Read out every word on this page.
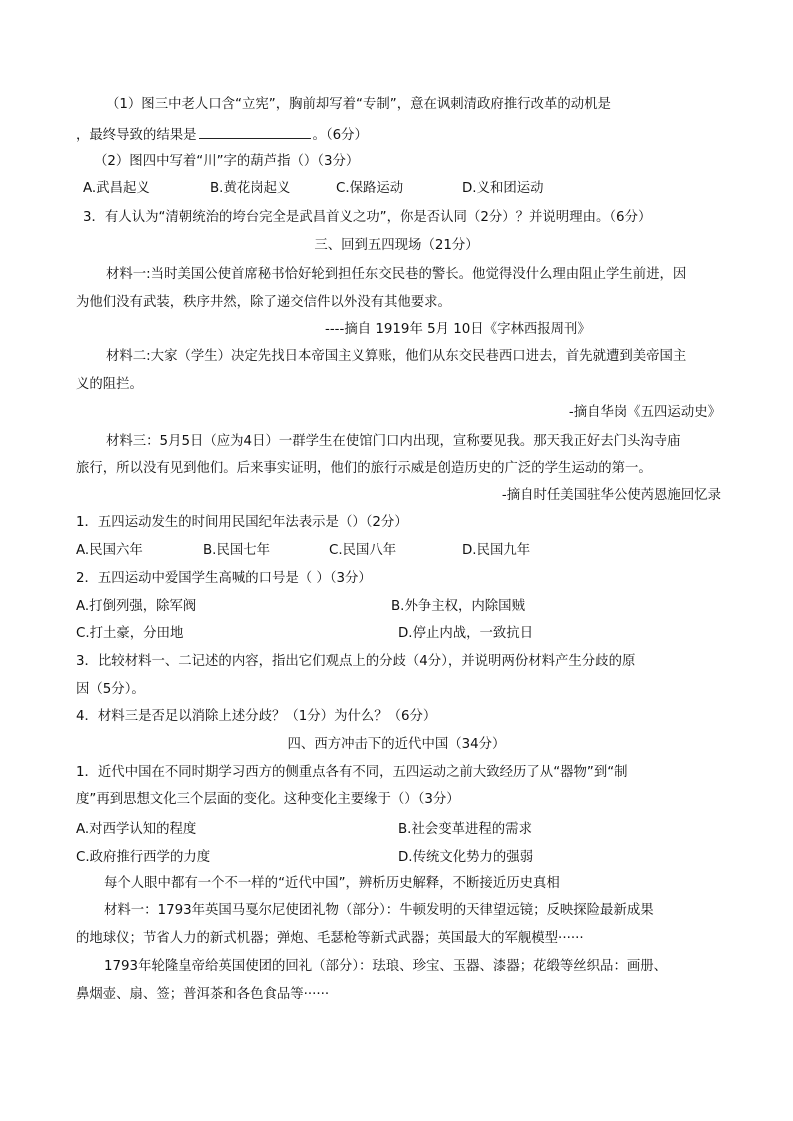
（1）图三中老人口含“立宪”，胸前却写着“专制”，意在讽刺清政府推行改革的动机是
，最终导致的结果是	。（6分）
（2）图四中写着“川”字的葫芦指（）（3分）
A.武昌起义	B.黄花岗起义	C.保路运动	D.义和团运动
3．有人认为“清朝统治的垮台完全是武昌首义之功”，你是否认同（2分）？并说明理由。（6分）
三、回到五四现场（21分）
材料一:当时美国公使首席秘书恰好轮到担任东交民巷的警长。他觉得没什么理由阻止学生前进，因
为他们没有武装，秩序井然，除了递交信件以外没有其他要求。
----摘自 1919年 5月 10日《字林西报周刊》
材料二:大家（学生）决定先找日本帝国主义算账，他们从东交民巷西口进去，首先就遭到美帝国主
义的阻拦。
-摘自华岗《五四运动史》
材料三：5月5日（应为4日）一群学生在使馆门口内出现，宣称要见我。那天我正好去门头沟寺庙
旅行，所以没有见到他们。后来事实证明，他们的旅行示威是创造历史的广泛的学生运动的第一。
-摘自时任美国驻华公使芮恩施回忆录
1．五四运动发生的时间用民国纪年法表示是（）（2分）
A.民国六年	B.民国七年	C.民国八年	D.民国九年
2．五四运动中爱国学生高喊的口号是（ ）（3分）
A.打倒列强，除军阀	B.外争主权，内除国贼
C.打土豪，分田地	D.停止内战，一致抗日
3．比较材料一、二记述的内容，指出它们观点上的分歧（4分），并说明两份材料产生分歧的原
因（5分）。
4．材料三是否足以消除上述分歧？（1分）为什么？（6分）
四、西方冲击下的近代中国（34分）
1．近代中国在不同时期学习西方的侧重点各有不同，五四运动之前大致经历了从“器物”到“制
度”再到思想文化三个层面的变化。这种变化主要缘于（）（3分）
A.对西学认知的程度	B.社会变革进程的需求
C.政府推行西学的力度	D.传统文化势力的强弱
每个人眼中都有一个不一样的“近代中国”，辨析历史解释，不断接近历史真相
材料一：1793年英国马戛尔尼使团礼物（部分）：牛顿发明的天律望远镜；反映探险最新成果
的地球仪；节省人力的新式机器；弹炮、毛瑟枪等新式武器；英国最大的军舰模型······
1793年轮隆皇帝给英国使团的回礼（部分）：珐琅、珍宝、玉器、漆器；花缎等丝织品：画册、
鼻烟壶、扇、签；普洱茶和各色食品等······
